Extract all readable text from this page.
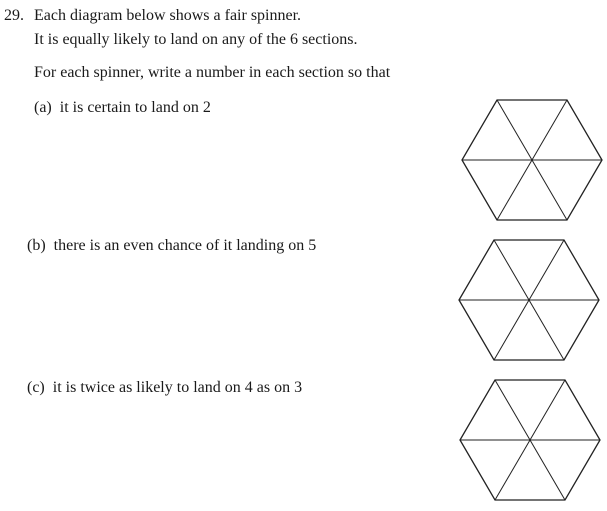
29. Each diagram below shows a fair spinner.
It is equally likely to land on any of the 6 sections.
For each spinner, write a number in each section so that
(a) it is certain to land on 2
(b) there is an even chance of it landing on 5
(c) it is twice as likely to land on 4 as on 3
